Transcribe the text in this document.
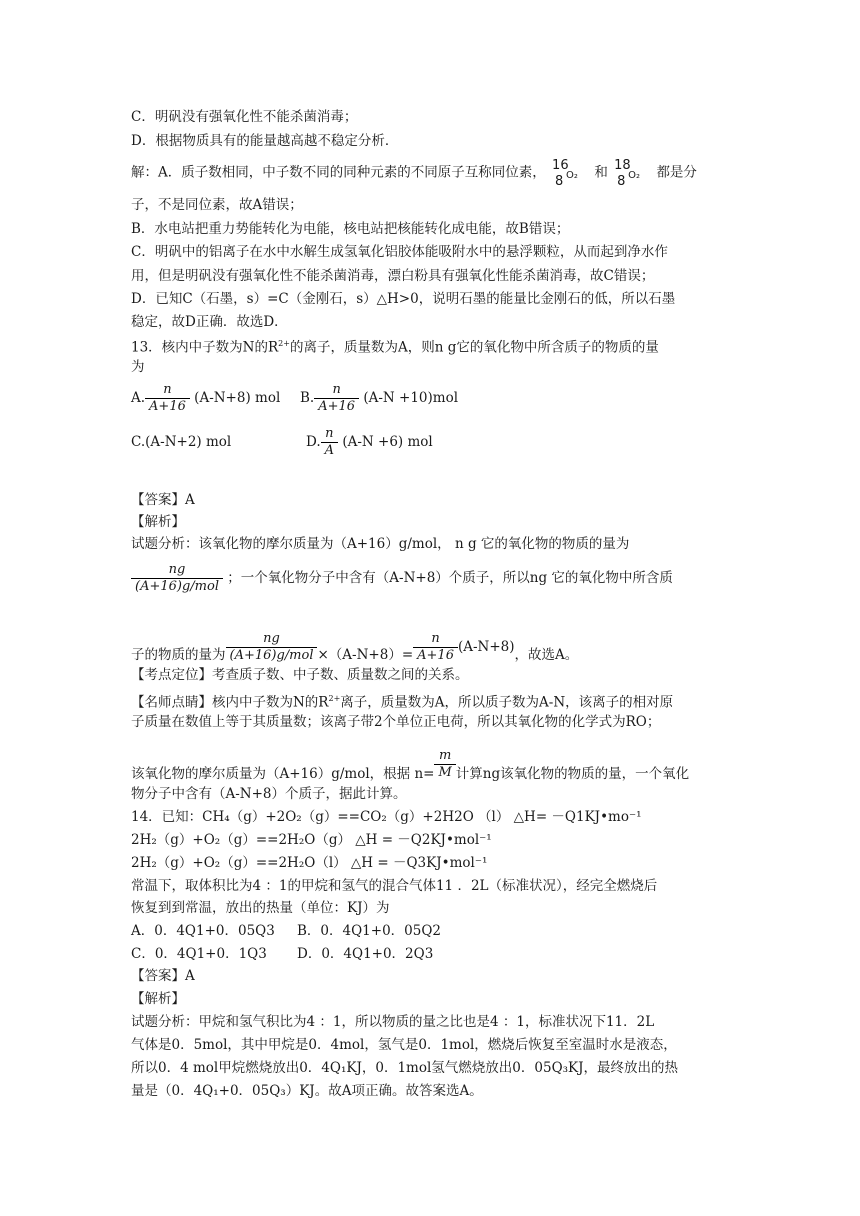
C．明矾没有强氧化性不能杀菌消毒；
D．根据物质具有的能量越高越不稳定分析．
解：A．质子数相同，中子数不同的同种元素的不同原子互称同位素， 16
8 O₂ 和 18
8 O₂ 都是分
子，不是同位素，故A错误；
B．水电站把重力势能转化为电能，核电站把核能转化成电能，故B错误；
C．明矾中的铝离子在水中水解生成氢氧化铝胶体能吸附水中的悬浮颗粒，从而起到净水作
用，但是明矾没有强氧化性不能杀菌消毒，漂白粉具有强氧化性能杀菌消毒，故C错误；
D．已知C（石墨，s）=C（金刚石，s）△H>0，说明石墨的能量比金刚石的低，所以石墨
稳定，故D正确．故选D．
13．核内中子数为N的$R^{2+}$的离子，质量数为A，则n g它的氧化物中所含质子的物质的量
为
A. $\frac{n}{A+16} (A-N+8)$ mol B. $\frac{n}{A+16} (A-N +10)mol$
C.(A-N+2) mol	D. $\frac{n}{A} (A-N +6)$ mol
【答案】A
【解析】
试题分析：该氧化物的摩尔质量为（A+16）g/mol， n g 它的氧化物的物质的量为
$\frac{ng}{\text{(A+16)g/mol}}$ ；一个氧化物分子中含有（A-N+8）个质子，所以ng 它的氧化物中所含质
子的物质的量为 $\frac{ng}{\text{(A+16)g/mol}} \times(A-N+8)= \frac{n}{A+16} (A-N+8)$，故选A。
【考点定位】考查质子数、中子数、质量数之间的关系。
【名师点睛】核内中子数为N的$R^{2+}$离子，质量数为A，所以质子数为A-N，该离子的相对原
子质量在数值上等于其质量数；该离子带2个单位正电荷，所以其氧化物的化学式为RO；
该氧化物的摩尔质量为（A+16）g/mol，根据 $n= \frac{m}{M}$ 计算ng该氧化物的物质的量，一个氧化
物分子中含有（A-N+8）个质子，据此计算。
14．已知：CH₄（g）+2O₂（g）==CO₂（g）+2H2O （l） △H= －Q1KJ•mo⁻¹
2H₂（g）+O₂（g）==2H₂O（g） △H = －Q2KJ•mol⁻¹
2H₂（g）+O₂（g）==2H₂O（l） △H = －Q3KJ•mol⁻¹
常温下，取体积比为4 ：1的甲烷和氢气的混合气体11 ．2L（标准状况），经完全燃烧后
恢复到到常温，放出的热量（单位：KJ）为
A．0．4Q1+0．05Q3 B．0．4Q1+0．05Q2
C．0．4Q1+0．1Q3 D．0．4Q1+0．2Q3
【答案】A
【解析】
试题分析：甲烷和氢气积比为4 ：1，所以物质的量之比也是4 ：1，标准状况下11．2L
气体是0．5mol，其中甲烷是0．4mol，氢气是0．1mol，燃烧后恢复至室温时水是液态，
所以0．4 mol甲烷燃烧放出0．4Q₁KJ，0．1mol氢气燃烧放出0．05Q₃KJ，最终放出的热
量是（0．4Q₁+0．05Q₃）KJ。故A项正确。故答案选A。
